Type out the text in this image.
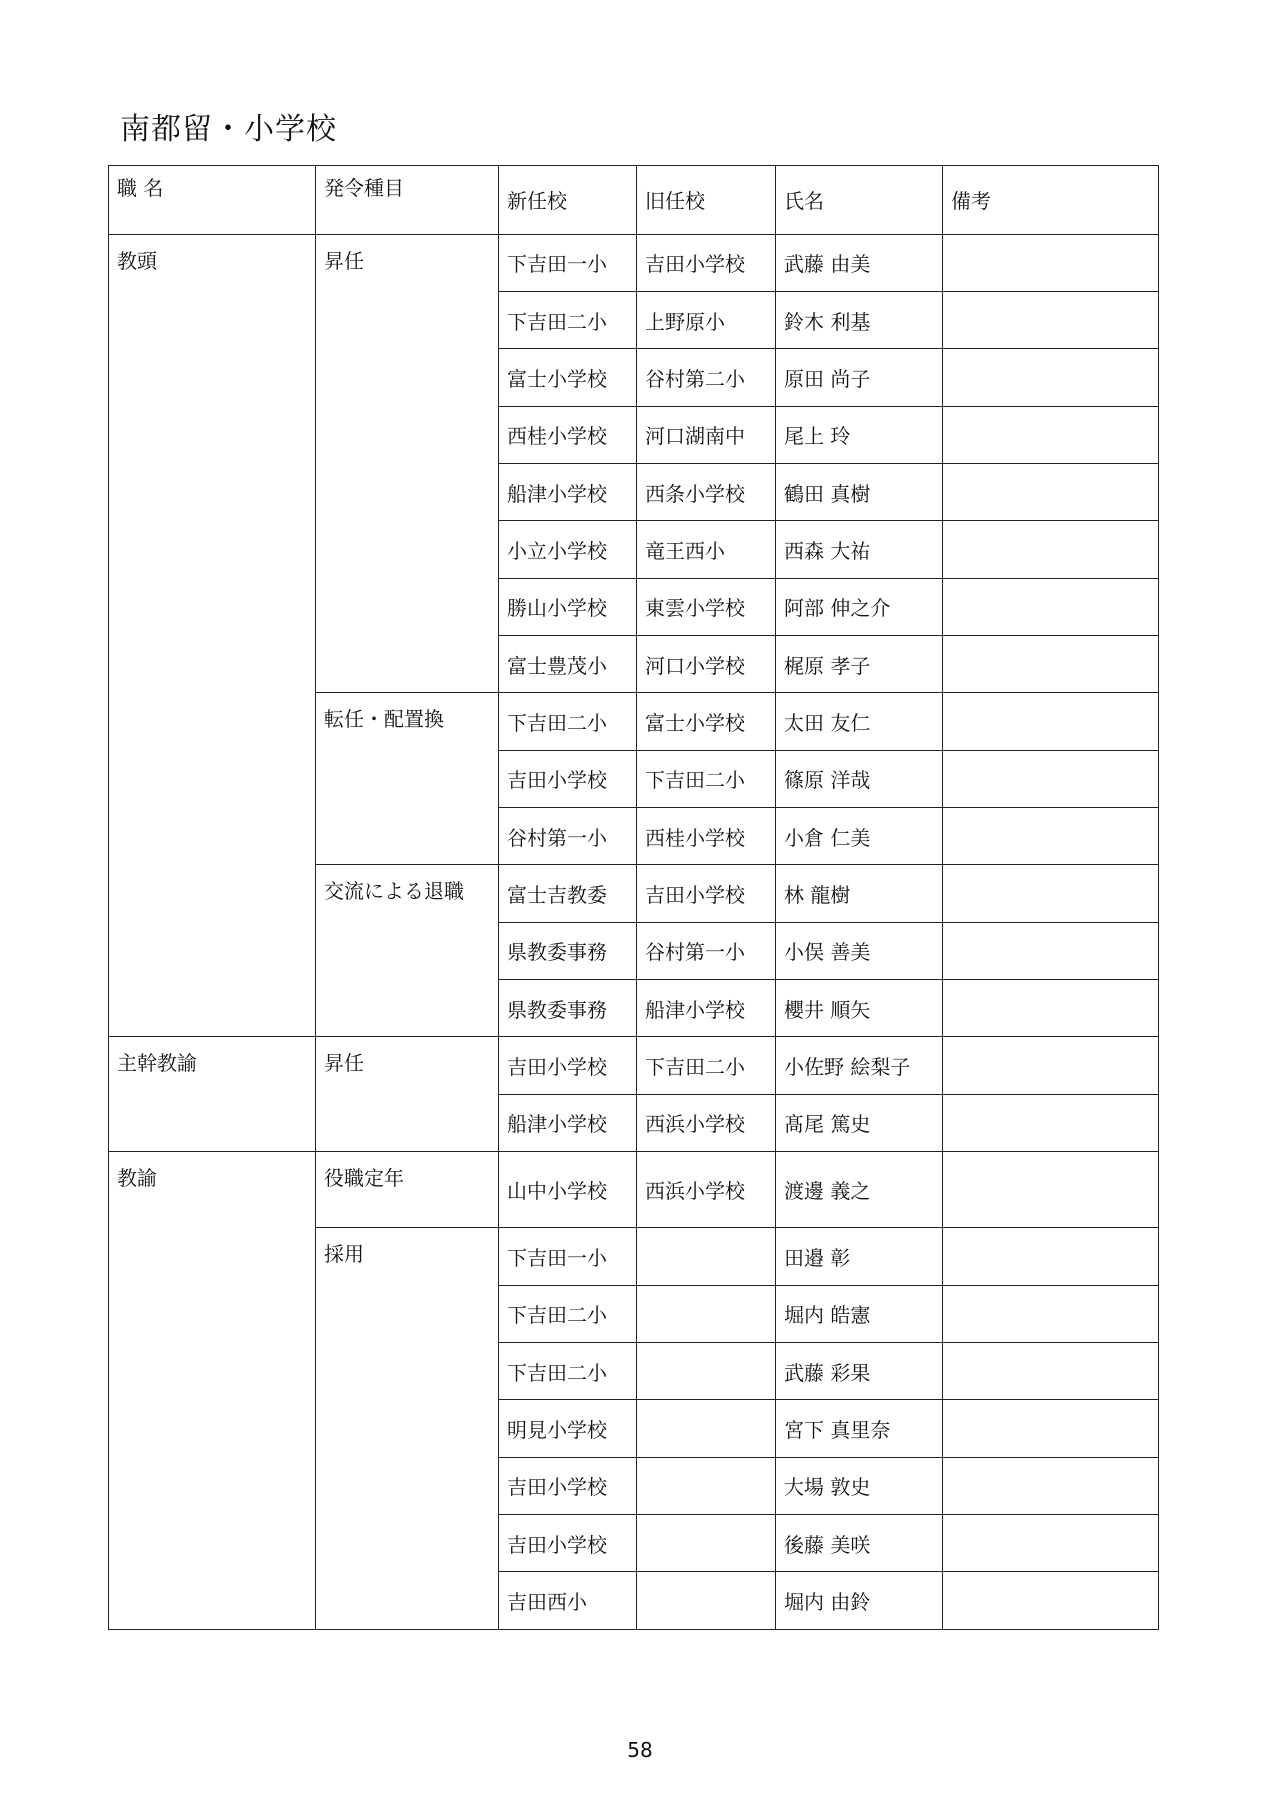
南都留・小学校
職 名	発令種目	新任校	旧任校	氏名	備考
教頭	昇任	下吉田一小	吉田小学校	武藤 由美	
		下吉田二小	上野原小	鈴木 利基	
		富士小学校	谷村第二小	原田 尚子	
		西桂小学校	河口湖南中	尾上 玲	
		船津小学校	西条小学校	鶴田 真樹	
		小立小学校	竜王西小	西森 大祐	
		勝山小学校	東雲小学校	阿部 伸之介	
		富士豊茂小	河口小学校	梶原 孝子	
	転任・配置換	下吉田二小	富士小学校	太田 友仁	
		吉田小学校	下吉田二小	篠原 洋哉	
		谷村第一小	西桂小学校	小倉 仁美	
	交流による退職	富士吉教委	吉田小学校	林 龍樹	
		県教委事務	谷村第一小	小俣 善美	
		県教委事務	船津小学校	櫻井 順矢	
主幹教諭	昇任	吉田小学校	下吉田二小	小佐野 絵梨子	
		船津小学校	西浜小学校	髙尾 篤史	
教諭	役職定年	山中小学校	西浜小学校	渡邊 義之	
	採用	下吉田一小		田邉 彰	
		下吉田二小		堀内 皓憲	
		下吉田二小		武藤 彩果	
		明見小学校		宮下 真里奈	
		吉田小学校		大場 敦史	
		吉田小学校		後藤 美咲	
		吉田西小		堀内 由鈴	
58
